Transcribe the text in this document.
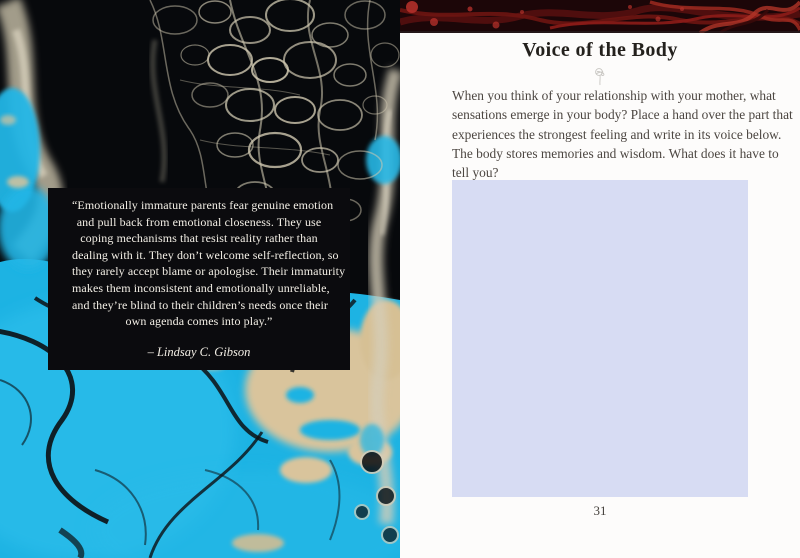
“Emotionally immature parents fear genuine emotion
and pull back from emotional closeness. They use
coping mechanisms that resist reality rather than
dealing with it. They don’t welcome self-reflection, so
they rarely accept blame or apologise. Their immaturity
makes them inconsistent and emotionally unreliable,
and they’re blind to their children’s needs once their
own agenda comes into play.”
– Lindsay C. Gibson
Voice of the Body
When you think of your relationship with your mother, what
sensations emerge in your body? Place a hand over the part that
experiences the strongest feeling and write in its voice below.
The body stores memories and wisdom. What does it have to
tell you?
31
